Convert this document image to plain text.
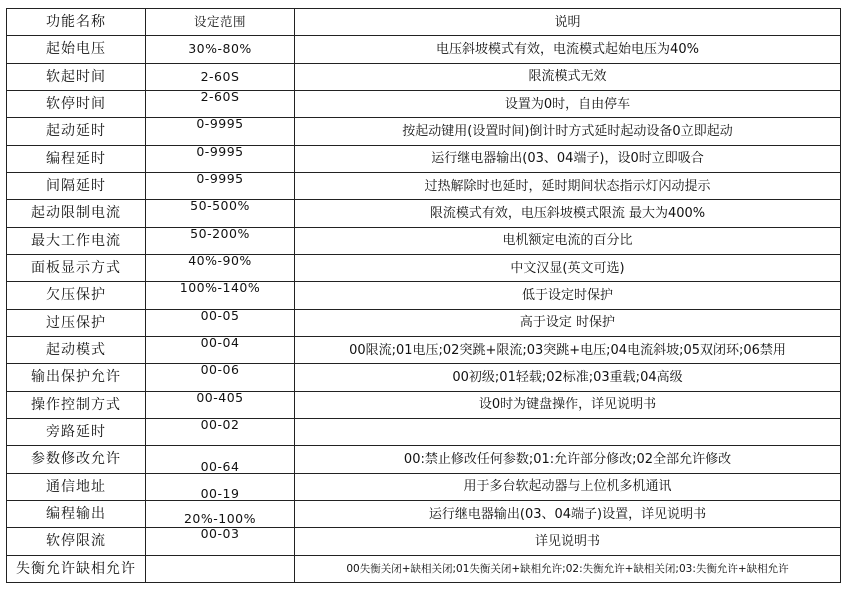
功能名称	设定范围	说明
起始电压	30%-80%	电压斜坡模式有效，电流模式起始电压为40%
软起时间	2-60S	限流模式无效
软停时间	2-60S	设置为0时，自由停车
起动延时	0-9995	按起动键用(设置时间)倒计时方式延时起动设备0立即起动
编程延时	0-9995	运行继电器输出(03、04端子)，设0时立即吸合
间隔延时	0-9995	过热解除时也延时，延时期间状态指示灯闪动提示
起动限制电流	50-500%	限流模式有效，电压斜坡模式限流 最大为400%
最大工作电流	50-200%	电机额定电流的百分比
面板显示方式	40%-90%	中文汉显(英文可选)
欠压保护	100%-140%	低于设定时保护
过压保护	00-05	高于设定 时保护
起动模式	00-04	00限流;01电压;02突跳+限流;03突跳+电压;04电流斜坡;05双闭环;06禁用
输出保护允许	00-06	00初级;01轻载;02标准;03重载;04高级
操作控制方式	00-405	设0时为键盘操作，详见说明书
旁路延时	00-02	
参数修改允许	00-64	00:禁止修改任何参数;01:允许部分修改;02全部允许修改
通信地址	00-19	用于多台软起动器与上位机多机通讯
编程输出	20%-100%	运行继电器输出(03、04端子)设置，详见说明书
软停限流	00-03	详见说明书
失衡允许缺相允许		00失衡关闭+缺相关闭;01失衡关闭+缺相允许;02:失衡允许+缺相关闭;03:失衡允许+缺相允许
